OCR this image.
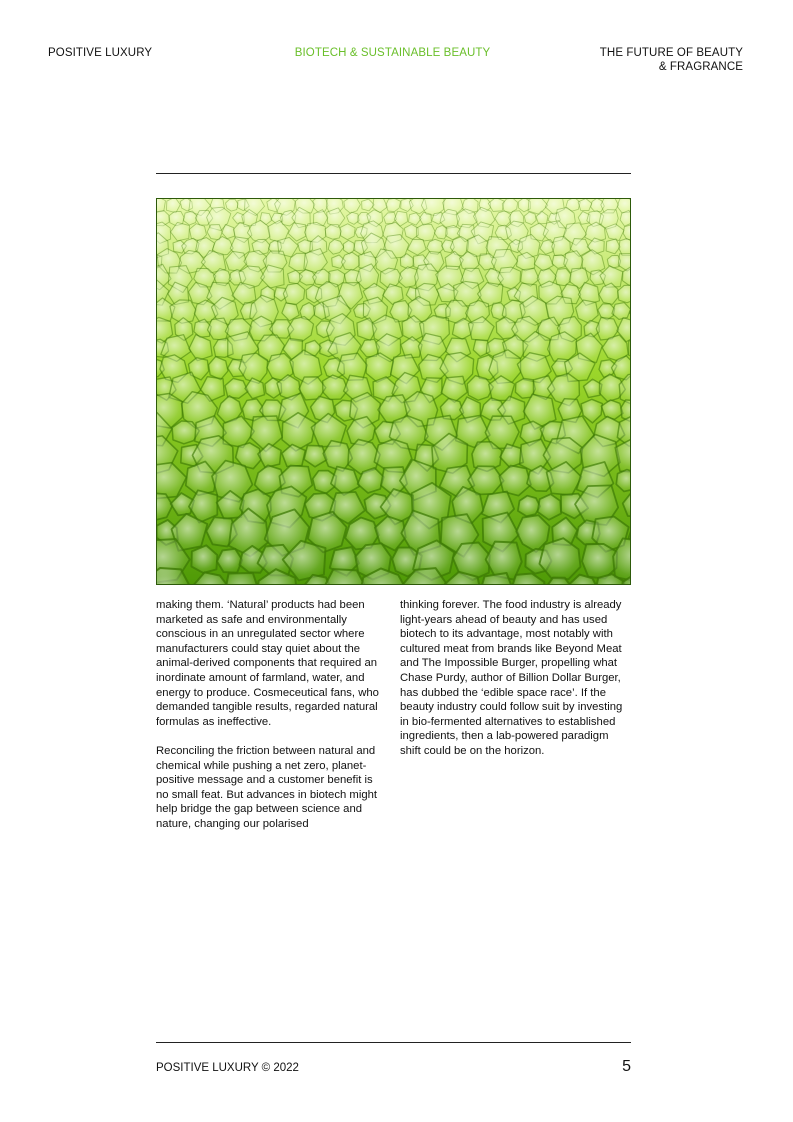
POSITIVE LUXURY	BIOTECH & SUSTAINABLE BEAUTY	THE FUTURE OF BEAUTY
& FRAGRANCE

making them. ‘Natural’ products had been marketed as safe and environmentally conscious in an unregulated sector where manufacturers could stay quiet about the animal-derived components that required an inordinate amount of farmland, water, and energy to produce. Cosmeceutical fans, who demanded tangible results, regarded natural formulas as ineffective.

Reconciling the friction between natural and chemical while pushing a net zero, planet-positive message and a customer benefit is no small feat. But advances in biotech might help bridge the gap between science and nature, changing our polarised

thinking forever. The food industry is already light-years ahead of beauty and has used biotech to its advantage, most notably with cultured meat from brands like Beyond Meat and The Impossible Burger, propelling what Chase Purdy, author of Billion Dollar Burger, has dubbed the ‘edible space race’. If the beauty industry could follow suit by investing in bio-fermented alternatives to established ingredients, then a lab-powered paradigm shift could be on the horizon.

POSITIVE LUXURY © 2022	5
